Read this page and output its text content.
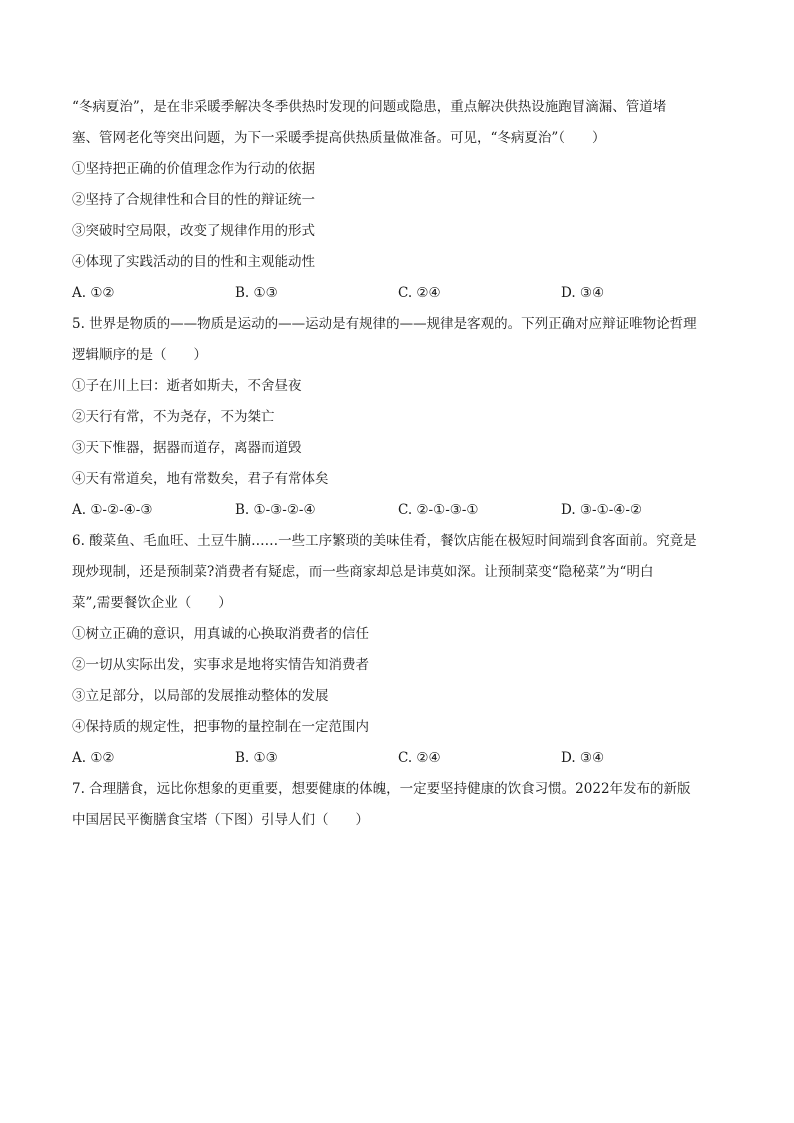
“冬病夏治”，是在非采暖季解决冬季供热时发现的问题或隐患，重点解决供热设施跑冒滴漏、管道堵
塞、管网老化等突出问题，为下一采暖季提高供热质量做准备。可见，“冬病夏治”（　　）
①坚持把正确的价值理念作为行动的依据
②坚持了合规律性和合目的性的辩证统一
③突破时空局限，改变了规律作用的形式
④体现了实践活动的目的性和主观能动性
A. ①②	B. ①③	C. ②④	D. ③④
5. 世界是物质的——物质是运动的——运动是有规律的——规律是客观的。下列正确对应辩证唯物论哲理
逻辑顺序的是（　　）
①子在川上曰：逝者如斯夫，不舍昼夜
②天行有常，不为尧存，不为桀亡
③天下惟器，据器而道存，离器而道毁
④天有常道矣，地有常数矣，君子有常体矣
A. ①-②-④-③	B. ①-③-②-④	C. ②-①-③-①	D. ③-①-④-②
6. 酸菜鱼、毛血旺、土豆牛腩……一些工序繁琐的美味佳肴，餐饮店能在极短时间端到食客面前。究竟是
现炒现制，还是预制菜?消费者有疑虑，而一些商家却总是讳莫如深。让预制菜变“隐秘菜”为“明白
菜”,需要餐饮企业（　　）
①树立正确的意识，用真诚的心换取消费者的信任
②一切从实际出发，实事求是地将实情告知消费者
③立足部分，以局部的发展推动整体的发展
④保持质的规定性，把事物的量控制在一定范围内
A. ①②	B. ①③	C. ②④	D. ③④
7. 合理膳食，远比你想象的更重要，想要健康的体魄，一定要坚持健康的饮食习惯。2022年发布的新版
中国居民平衡膳食宝塔（下图）引导人们（　　）
